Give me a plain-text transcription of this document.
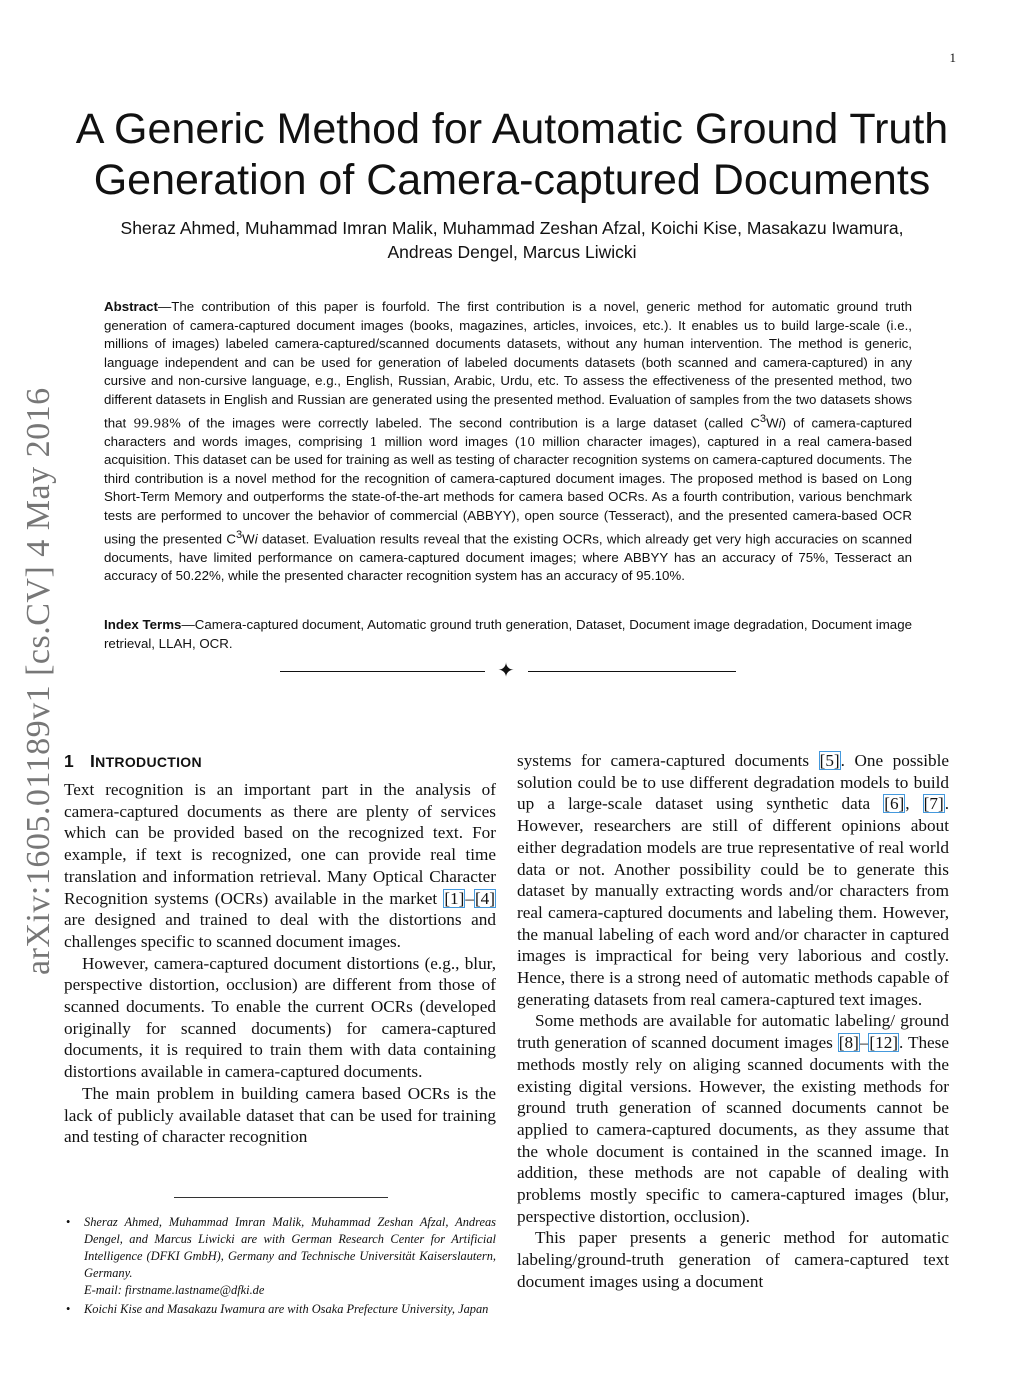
1
arXiv:1605.01189v1 [cs.CV] 4 May 2016
A Generic Method for Automatic Ground Truth
Generation of Camera-captured Documents
Sheraz Ahmed, Muhammad Imran Malik, Muhammad Zeshan Afzal, Koichi Kise, Masakazu Iwamura,
Andreas Dengel, Marcus Liwicki
Abstract—The contribution of this paper is fourfold. The first contribution is a novel, generic method for automatic ground truth generation of camera-captured document images (books, magazines, articles, invoices, etc.). It enables us to build large-scale (i.e., millions of images) labeled camera-captured/scanned documents datasets, without any human intervention. The method is generic, language independent and can be used for generation of labeled documents datasets (both scanned and camera-captured) in any cursive and non-cursive language, e.g., English, Russian, Arabic, Urdu, etc. To assess the effectiveness of the presented method, two different datasets in English and Russian are generated using the presented method. Evaluation of samples from the two datasets shows that 99.98% of the images were correctly labeled. The second contribution is a large dataset (called $C^3Wi$) of camera-captured characters and words images, comprising 1 million word images (10 million character images), captured in a real camera-based acquisition. This dataset can be used for training as well as testing of character recognition systems on camera-captured documents. The third contribution is a novel method for the recognition of camera-captured document images. The proposed method is based on Long Short-Term Memory and outperforms the state-of-the-art methods for camera based OCRs. As a fourth contribution, various benchmark tests are performed to uncover the behavior of commercial (ABBYY), open source (Tesseract), and the presented camera-based OCR using the presented $C^3Wi$ dataset. Evaluation results reveal that the existing OCRs, which already get very high accuracies on scanned documents, have limited performance on camera-captured document images; where ABBYY has an accuracy of 75%, Tesseract an accuracy of 50.22%, while the presented character recognition system has an accuracy of 95.10%.
Index Terms—Camera-captured document, Automatic ground truth generation, Dataset, Document image degradation, Document image retrieval, LLAH, OCR.
✦
1 INTRODUCTION

Text recognition is an important part in the analysis of camera-captured documents as there are plenty of services which can be provided based on the recognized text. For example, if text is recognized, one can provide real time translation and information retrieval. Many Optical Character Recognition systems (OCRs) available in the market [1]–[4] are designed and trained to deal with the distortions and challenges specific to scanned document images.

However, camera-captured document distortions (e.g., blur, perspective distortion, occlusion) are different from those of scanned documents. To enable the current OCRs (developed originally for scanned documents) for camera-captured documents, it is required to train them with data containing distortions available in camera-captured documents.

The main problem in building camera based OCRs is the lack of publicly available dataset that can be used for training and testing of character recognition

systems for camera-captured documents [5]. One possible solution could be to use different degradation models to build up a large-scale dataset using synthetic data [6], [7]. However, researchers are still of different opinions about either degradation models are true representative of real world data or not. Another possibility could be to generate this dataset by manually extracting words and/or characters from real camera-captured documents and labeling them. However, the manual labeling of each word and/or character in captured images is impractical for being very laborious and costly. Hence, there is a strong need of automatic methods capable of generating datasets from real camera-captured text images.

Some methods are available for automatic labeling/ ground truth generation of scanned document images [8]–[12]. These methods mostly rely on aliging scanned documents with the existing digital versions. However, the existing methods for ground truth generation of scanned documents cannot be applied to camera-captured documents, as they assume that the whole document is contained in the scanned image. In addition, these methods are not capable of dealing with problems mostly specific to camera-captured images (blur, perspective distortion, occlusion).

This paper presents a generic method for automatic labeling/ground-truth generation of camera-captured text document images using a document

• Sheraz Ahmed, Muhammad Imran Malik, Muhammad Zeshan Afzal, Andreas Dengel, and Marcus Liwicki are with German Research Center for Artificial Intelligence (DFKI GmbH), Germany and Technische Universität Kaiserslautern, Germany.
E-mail: firstname.lastname@dfki.de
• Koichi Kise and Masakazu Iwamura are with Osaka Prefecture University, Japan
